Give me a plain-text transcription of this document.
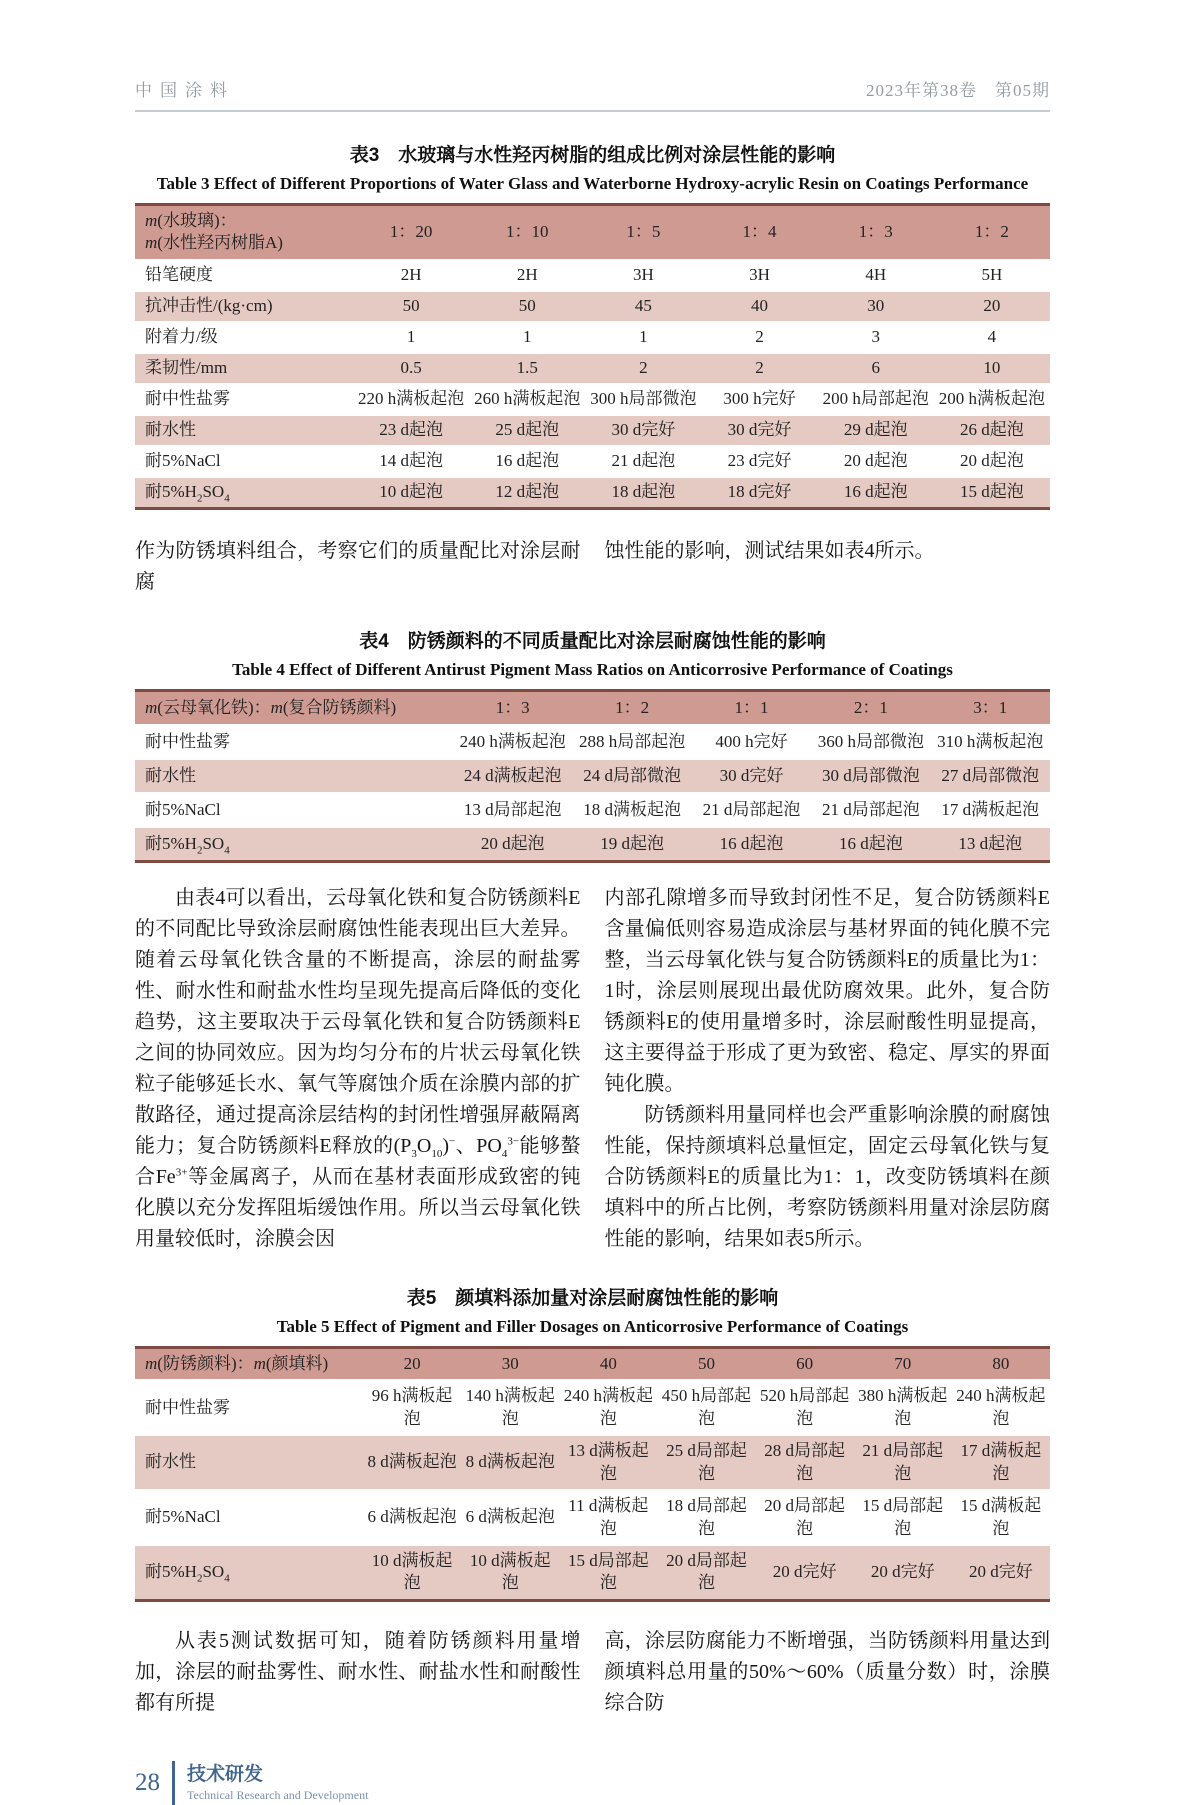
中国涂料	2023年第38卷　第05期
表3　水玻璃与水性羟丙树脂的组成比例对涂层性能的影响
Table 3 Effect of Different Proportions of Water Glass and Waterborne Hydroxy-acrylic Resin on Coatings Performance
m(水玻璃)：
m(水性羟丙树脂A)	1：20	1：10	1：5	1：4	1：3	1：2
铅笔硬度	2H	2H	3H	3H	4H	5H
抗冲击性/(kg·cm)	50	50	45	40	30	20
附着力/级	1	1	1	2	3	4
柔韧性/mm	0.5	1.5	2	2	6	10
耐中性盐雾	220 h满板起泡	260 h满板起泡	300 h局部微泡	300 h完好	200 h局部起泡	200 h满板起泡
耐水性	23 d起泡	25 d起泡	30 d完好	30 d完好	29 d起泡	26 d起泡
耐5%NaCl	14 d起泡	16 d起泡	21 d起泡	23 d完好	20 d起泡	20 d起泡
耐$5\%H_2SO_4$	10 d起泡	12 d起泡	18 d起泡	18 d完好	16 d起泡	15 d起泡

作为防锈填料组合，考察它们的质量配比对涂层耐腐

蚀性能的影响，测试结果如表4所示。

表4　防锈颜料的不同质量配比对涂层耐腐蚀性能的影响
Table 4 Effect of Different Antirust Pigment Mass Ratios on Anticorrosive Performance of Coatings
m(云母氧化铁)：m(复合防锈颜料)	1：3	1：2	1：1	2：1	3：1
耐中性盐雾	240 h满板起泡	288 h局部起泡	400 h完好	360 h局部微泡	310 h满板起泡
耐水性	24 d满板起泡	24 d局部微泡	30 d完好	30 d局部微泡	27 d局部微泡
耐5%NaCl	13 d局部起泡	18 d满板起泡	21 d局部起泡	21 d局部起泡	17 d满板起泡
耐$5\%H_2SO_4$	20 d起泡	19 d起泡	16 d起泡	16 d起泡	13 d起泡

由表4可以看出，云母氧化铁和复合防锈颜料E的不同配比导致涂层耐腐蚀性能表现出巨大差异。随着云母氧化铁含量的不断提高，涂层的耐盐雾性、耐水性和耐盐水性均呈现先提高后降低的变化趋势，这主要取决于云母氧化铁和复合防锈颜料E之间的协同效应。因为均匀分布的片状云母氧化铁粒子能够延长水、氧气等腐蚀介质在涂膜内部的扩散路径，通过提高涂层结构的封闭性增强屏蔽隔离能力；复合防锈颜料E释放的$(P_3O_{10})^-$、$PO_4^{3-}$能够螯合$Fe^{3+}$等金属离子，从而在基材表面形成致密的钝化膜以充分发挥阻垢缓蚀作用。所以当云母氧化铁用量较低时，涂膜会因

内部孔隙增多而导致封闭性不足，复合防锈颜料E含量偏低则容易造成涂层与基材界面的钝化膜不完整，当云母氧化铁与复合防锈颜料E的质量比为1：1时，涂层则展现出最优防腐效果。此外，复合防锈颜料E的使用量增多时，涂层耐酸性明显提高，这主要得益于形成了更为致密、稳定、厚实的界面钝化膜。

防锈颜料用量同样也会严重影响涂膜的耐腐蚀性能，保持颜填料总量恒定，固定云母氧化铁与复合防锈颜料E的质量比为1：1，改变防锈填料在颜填料中的所占比例，考察防锈颜料用量对涂层防腐性能的影响，结果如表5所示。

表5　颜填料添加量对涂层耐腐蚀性能的影响
Table 5 Effect of Pigment and Filler Dosages on Anticorrosive Performance of Coatings
m(防锈颜料)：m(颜填料)	20	30	40	50	60	70	80
耐中性盐雾	96 h满板起泡	140 h满板起泡	240 h满板起泡	450 h局部起泡	520 h局部起泡	380 h满板起泡	240 h满板起泡
耐水性	8 d满板起泡	8 d满板起泡	13 d满板起泡	25 d局部起泡	28 d局部起泡	21 d局部起泡	17 d满板起泡
耐5%NaCl	6 d满板起泡	6 d满板起泡	11 d满板起泡	18 d局部起泡	20 d局部起泡	15 d局部起泡	15 d满板起泡
耐$5\%H_2SO_4$	10 d满板起泡	10 d满板起泡	15 d局部起泡	20 d局部起泡	20 d完好	20 d完好	20 d完好

从表5测试数据可知，随着防锈颜料用量增加，涂层的耐盐雾性、耐水性、耐盐水性和耐酸性都有所提

高，涂层防腐能力不断增强，当防锈颜料用量达到颜填料总用量的50%～60%（质量分数）时，涂膜综合防

28 技术研发
Technical Research and Development
